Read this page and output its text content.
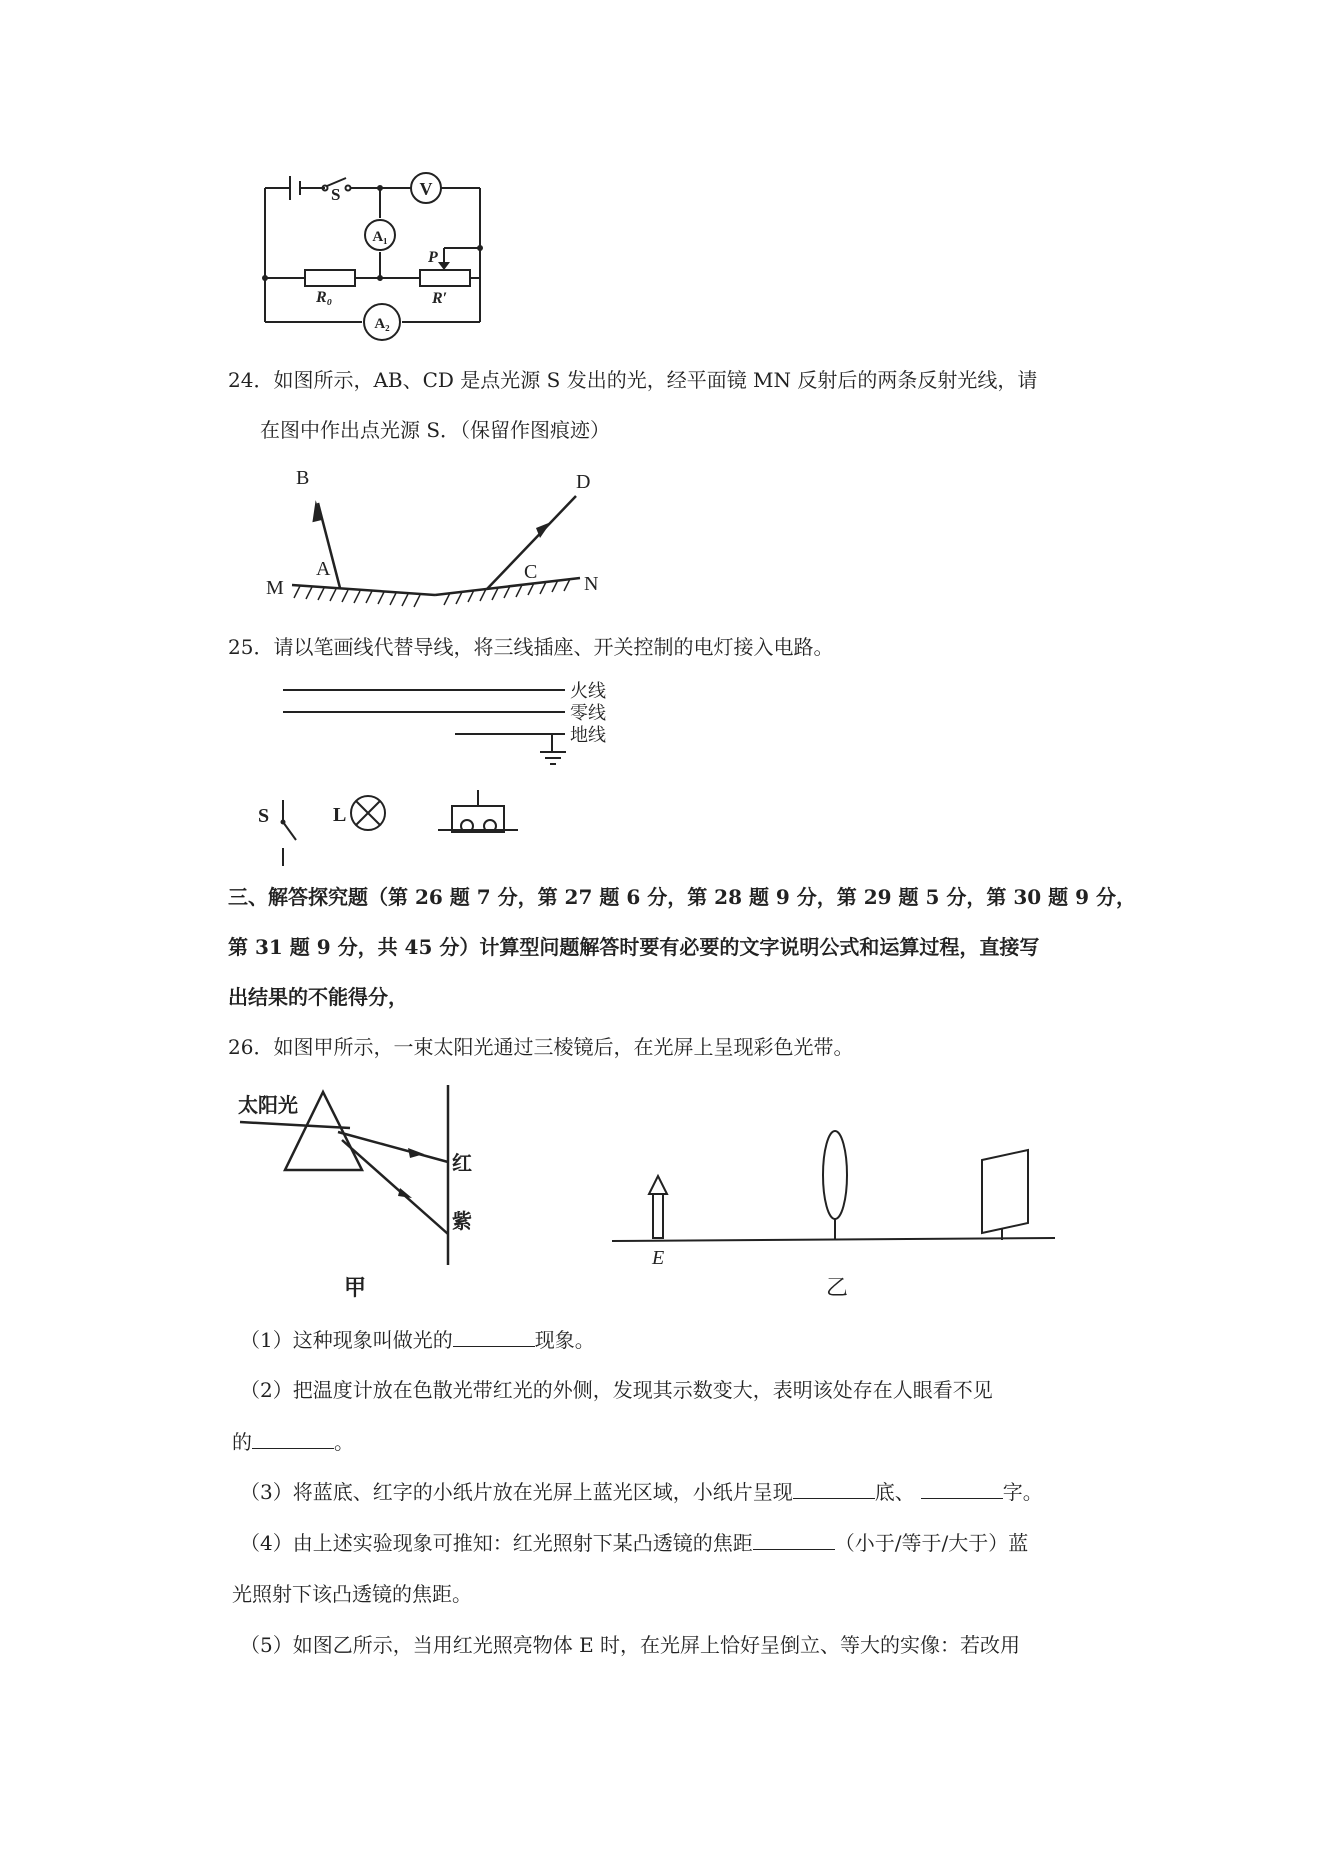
V
A₁
A₂
S
R₀	R′
P
24．如图所示，AB、CD 是点光源 S 发出的光，经平面镜 MN 反射后的两条反射光线，请
在图中作出点光源 S．（保留作图痕迹）
B
A
D
C
M	N
25．请以笔画线代替导线，将三线插座、开关控制的电灯接入电路。
火线
零线
地线
S	L
三、解答探究题（第 26 题 7 分，第 27 题 6 分，第 28 题 9 分，第 29 题 5 分，第 30 题 9 分，
第 31 题 9 分，共 45 分）计算型问题解答时要有必要的文字说明公式和运算过程，直接写
出结果的不能得分，
26．如图甲所示，一束太阳光通过三棱镜后，在光屏上呈现彩色光带。
太阳光
红
紫
甲
E
乙
（1）这种现象叫做光的	现象。
（2）把温度计放在色散光带红光的外侧，发现其示数变大，表明该处存在人眼看不见
的	。
（3）将蓝底、红字的小纸片放在光屏上蓝光区域，小纸片呈现	底、	字。
（4）由上述实验现象可推知：红光照射下某凸透镜的焦距	（小于/等于/大于）蓝
光照射下该凸透镜的焦距。
（5）如图乙所示，当用红光照亮物体 E 时，在光屏上恰好呈倒立、等大的实像：若改用
